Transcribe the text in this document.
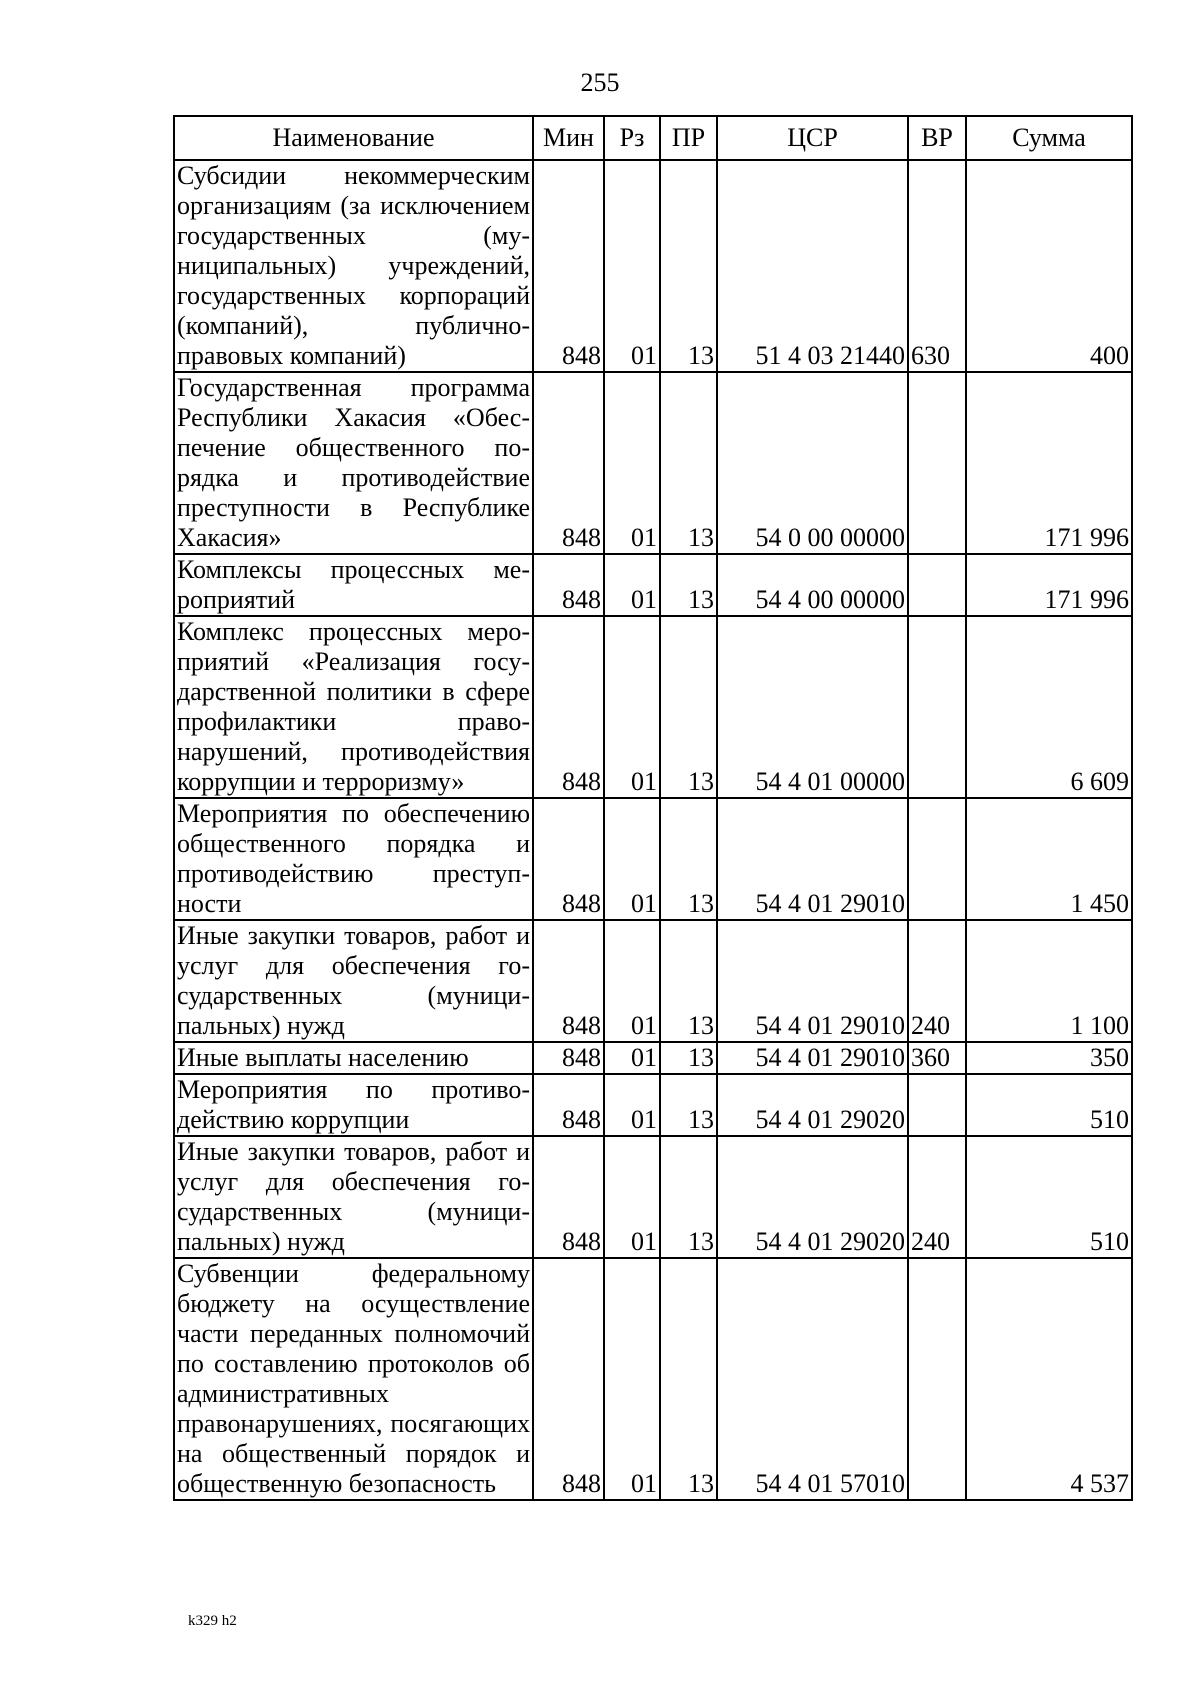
255
Наименование	Мин	Рз	ПР	ЦСР	ВР	Сумма
Субсидии некоммерческим организациям (за исключением государственных (муниципальных) учреждений, государственных корпораций (компаний), публично-правовых компаний)	848	01	13	51 4 03 21440	630	400
Государственная программа Республики Хакасия «Обеспечение общественного порядка и противодействие преступности в Республике Хакасия»	848	01	13	54 0 00 00000		171 996
Комплексы процессных мероприятий	848	01	13	54 4 00 00000		171 996
Комплекс процессных мероприятий «Реализация государственной политики в сфере профилактики правонарушений, противодействия коррупции и терроризму»	848	01	13	54 4 01 00000		6 609
Мероприятия по обеспечению общественного порядка и противодействию преступности	848	01	13	54 4 01 29010		1 450
Иные закупки товаров, работ и услуг для обеспечения государственных (муниципальных) нужд	848	01	13	54 4 01 29010	240	1 100
Иные выплаты населению	848	01	13	54 4 01 29010	360	350
Мероприятия по противодействию коррупции	848	01	13	54 4 01 29020		510
Иные закупки товаров, работ и услуг для обеспечения государственных (муниципальных) нужд	848	01	13	54 4 01 29020	240	510
Субвенции федеральному бюджету на осуществление части переданных полномочий по составлению протоколов об административных правонарушениях, посягающих на общественный порядок и общественную безопасность	848	01	13	54 4 01 57010		4 537
k329 h2
